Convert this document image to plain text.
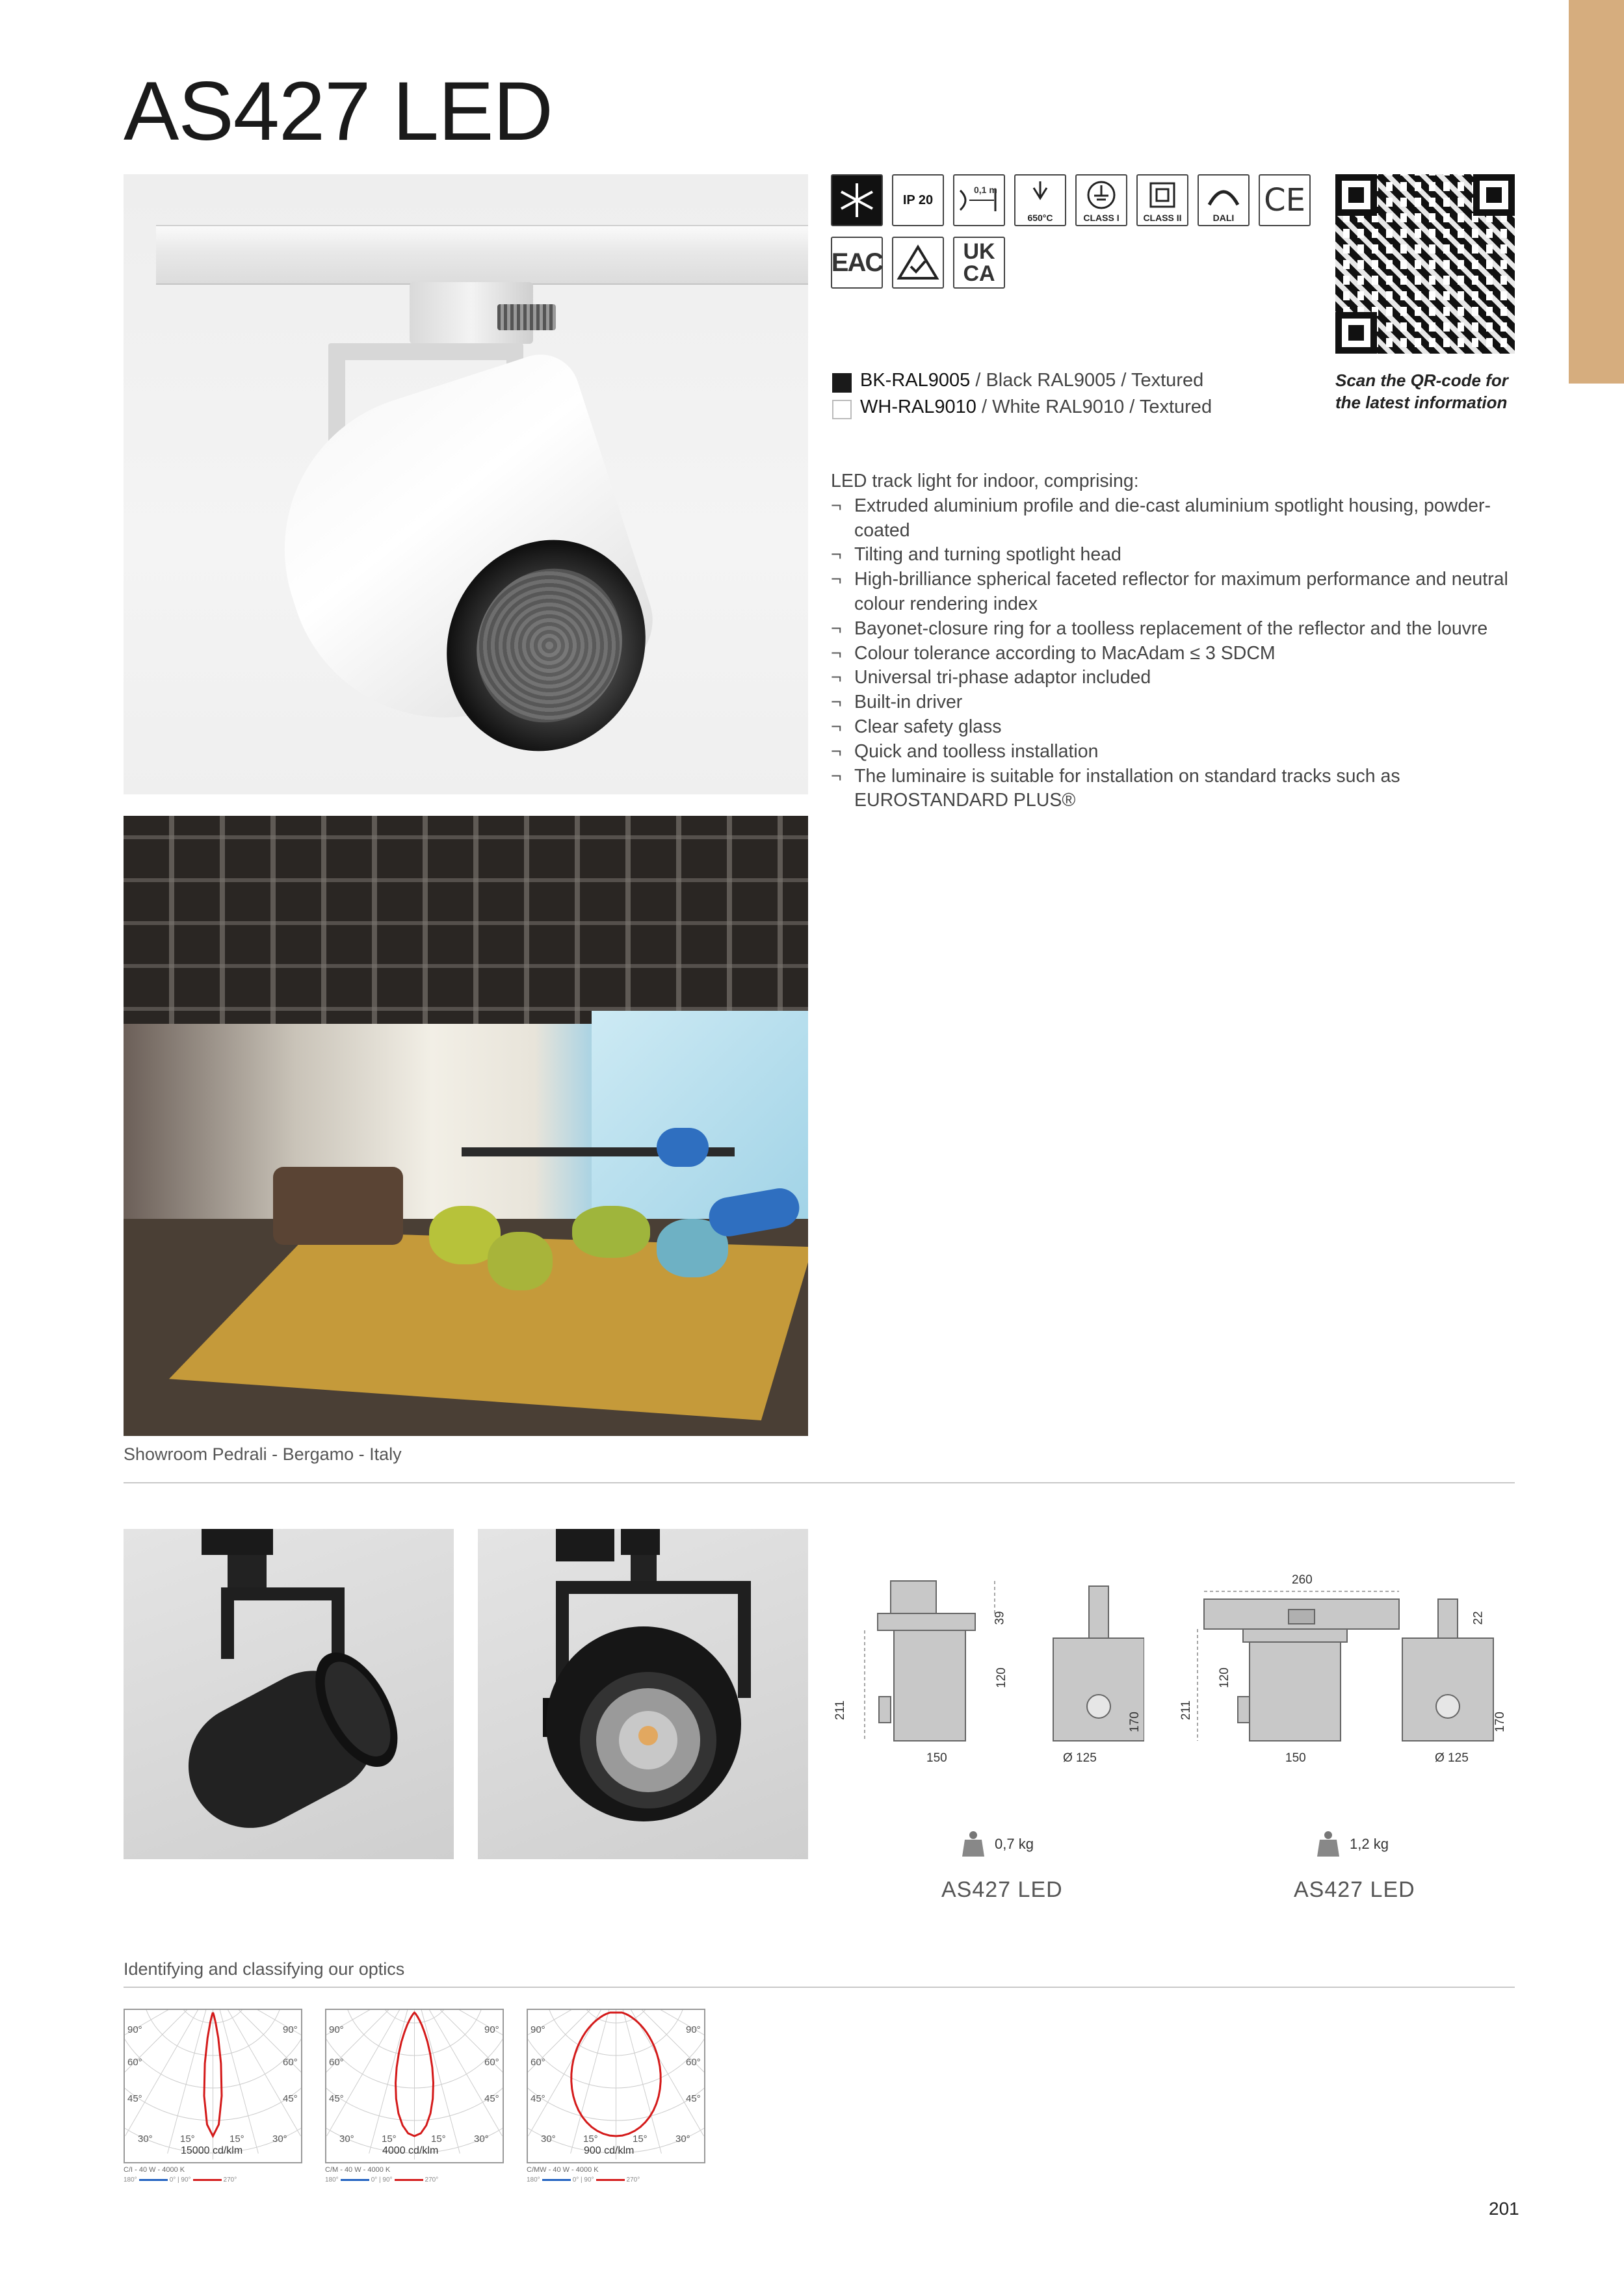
AS427 LED
IP 20
0,1 m
650°C	CLASS I	CLASS II	DALI CE
EAC	UK
CA
Scan the QR-code for the latest information
BK-RAL9005 / Black RAL9005 / Textured
WH-RAL9010 / White RAL9010 / Textured
LED track light for indoor, comprising:
¬ Extruded aluminium profile and die-cast aluminium spotlight housing, powder-coated
¬ Tilting and turning spotlight head
¬ High-brilliance spherical faceted reflector for maximum performance and neutral colour rendering index
¬ Bayonet-closure ring for a toolless replacement of the reflector and the louvre
¬ Colour tolerance according to MacAdam ≤ 3 SDCM
¬ Universal tri-phase adaptor included
¬ Built-in driver
¬ Clear safety glass
¬ Quick and toolless installation
¬ The luminaire is suitable for installation on standard tracks such as EUROSTANDARD PLUS®
Showroom Pedrali - Bergamo - Italy
211
120
39
150	Ø 125
170
0,7 kg
AS427 LED
260
22
211
120
150	Ø 125
170
1,2 kg
AS427 LED
Identifying and classifying our optics
90°	90°
60°	60°
45°	45°
30°	30°
15°	15°
15000 cd/klm
C/I - 40 W - 4000 K
180°	0° | 90°	270°
90°	90°
60°	60°
45°	45°
30°	30°
15°	15°
4000 cd/klm
C/M - 40 W - 4000 K
180°	0° | 90°	270°
90°	90°
60°	60°
45°	45°
30°	30°
15°	15°
900 cd/klm
C/MW - 40 W - 4000 K
180°	0° | 90°	270°
201
